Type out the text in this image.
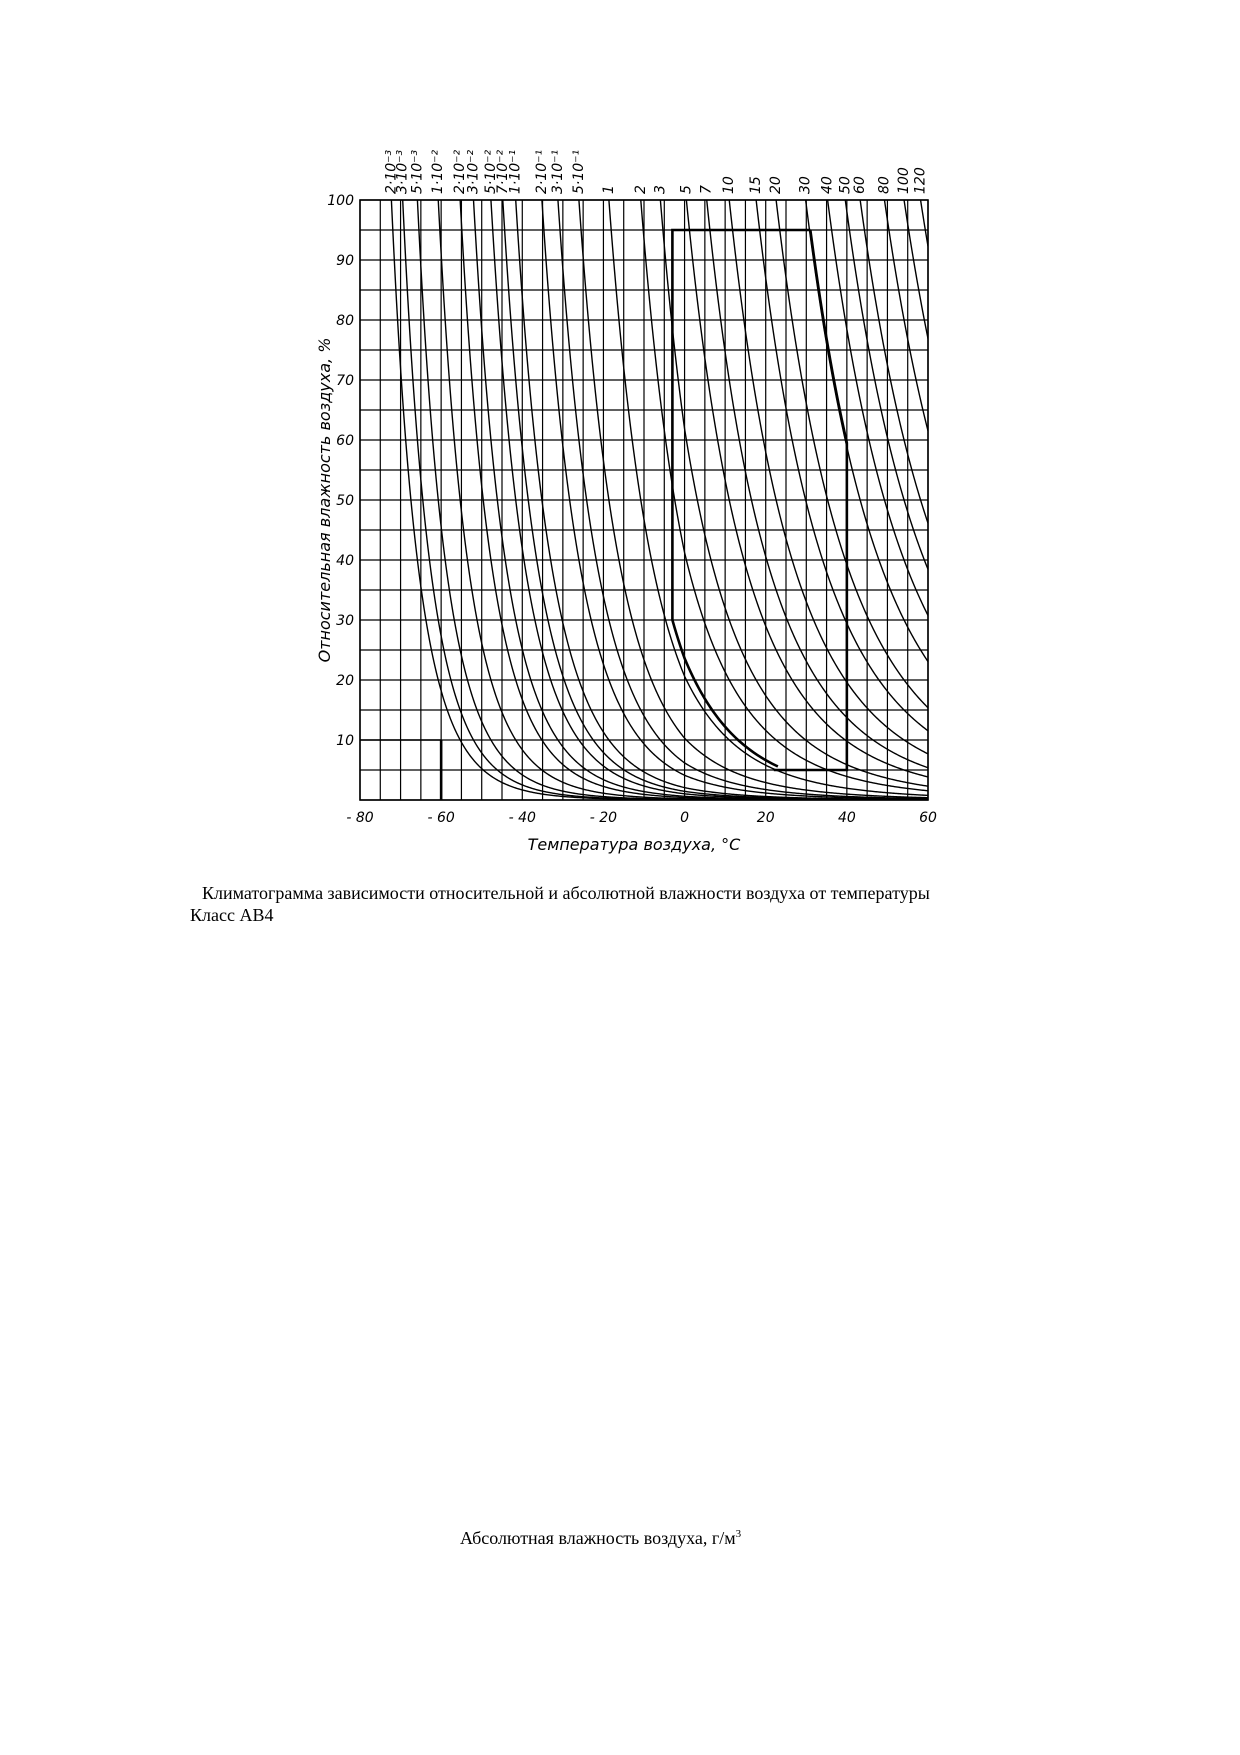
2·10⁻³
3·10⁻³
5·10⁻³ 1·10⁻² 2·10⁻²
3·10⁻² 5·10⁻²
7·10⁻²
1·10⁻¹ 2·10⁻¹ 3·10⁻¹ 5·10⁻¹ 1 2 3 5 7 10 15 20 30 40 50
60 80 100 120
10
20
30
40
50
60
70
80
90
100
- 80	- 60	- 40	- 20	0	20	40	60
Относительная влажность воздуха, %
Температура воздуха, °С
Климатограмма зависимости относительной и абсолютной влажности воздуха от температуры
Класс АВ4
Абсолютная влажность воздуха, $г/м^3$
